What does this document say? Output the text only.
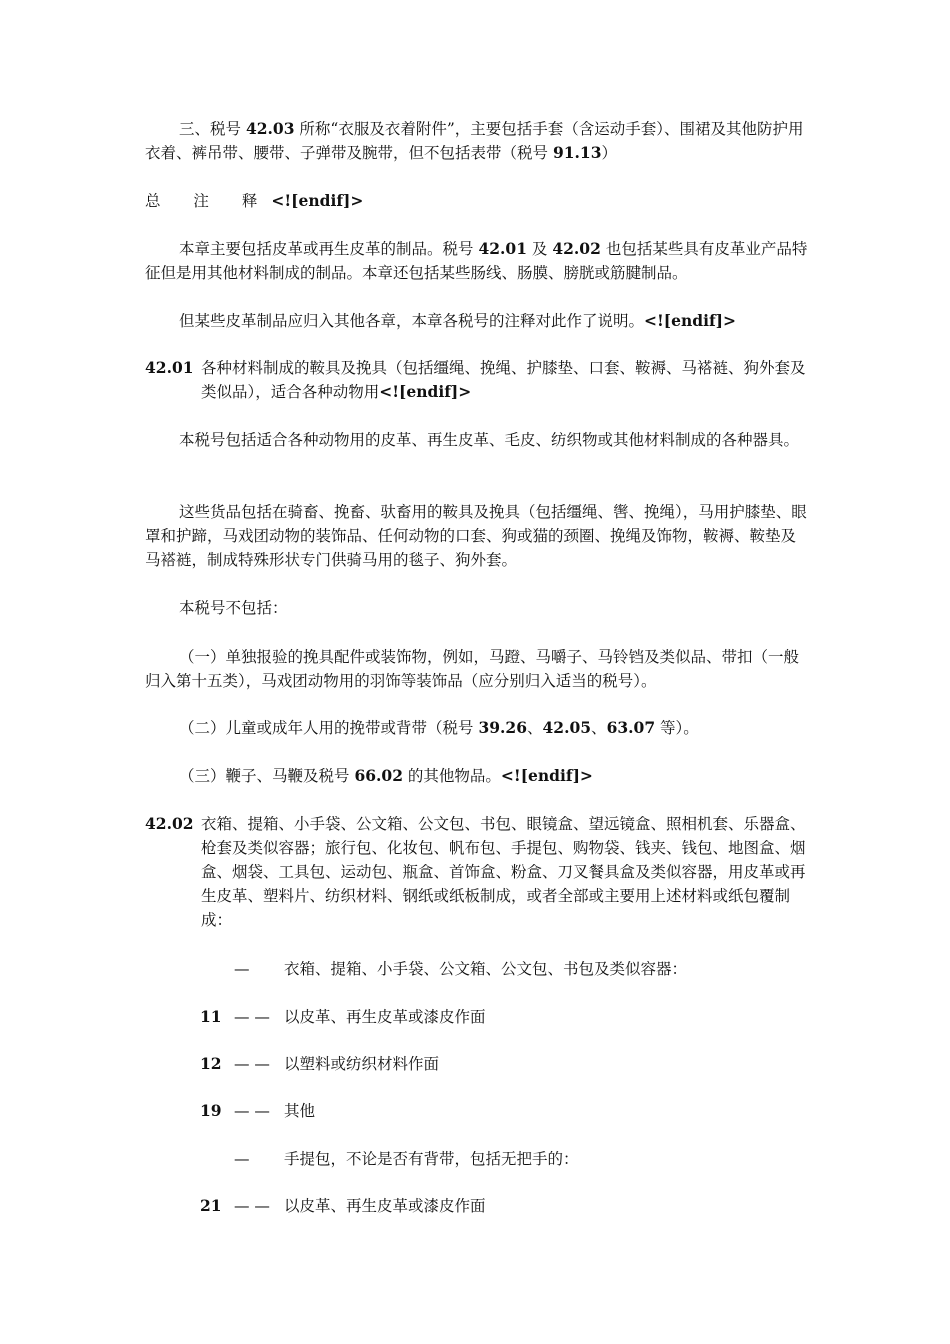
三、税号 42.03 所称“衣服及衣着附件”，主要包括手套（含运动手套）、围裙及其他防护用衣着、裤吊带、腰带、子弹带及腕带，但不包括表带（税号 91.13）
总 注 释<![endif]>
本章主要包括皮革或再生皮革的制品。税号 42.01 及 42.02 也包括某些具有皮革业产品特征但是用其他材料制成的制品。本章还包括某些肠线、肠膜、膀胱或筋腱制品。
但某些皮革制品应归入其他各章，本章各税号的注释对此作了说明。<![endif]>
42.01 各种材料制成的鞍具及挽具（包括缰绳、挽绳、护膝垫、口套、鞍褥、马褡裢、狗外套及类似品），适合各种动物用<![endif]>
本税号包括适合各种动物用的皮革、再生皮革、毛皮、纺织物或其他材料制成的各种器具。
这些货品包括在骑畜、挽畜、驮畜用的鞍具及挽具（包括缰绳、辔、挽绳），马用护膝垫、眼罩和护蹄，马戏团动物的装饰品、任何动物的口套、狗或猫的颈圈、挽绳及饰物，鞍褥、鞍垫及马褡裢，制成特殊形状专门供骑马用的毯子、狗外套。
本税号不包括：
（一）单独报验的挽具配件或装饰物，例如，马蹬、马嚼子、马铃铛及类似品、带扣（一般归入第十五类），马戏团动物用的羽饰等装饰品（应分别归入适当的税号）。
（二）儿童或成年人用的挽带或背带（税号 39.26、42.05、63.07 等）。
（三）鞭子、马鞭及税号 66.02 的其他物品。<![endif]>
42.02 衣箱、提箱、小手袋、公文箱、公文包、书包、眼镜盒、望远镜盒、照相机套、乐器盒、枪套及类似容器；旅行包、化妆包、帆布包、手提包、购物袋、钱夹、钱包、地图盒、烟盒、烟袋、工具包、运动包、瓶盒、首饰盒、粉盒、刀叉餐具盒及类似容器，用皮革或再生皮革、塑料片、纺织材料、钢纸或纸板制成，或者全部或主要用上述材料或纸包覆制成：
— 衣箱、提箱、小手袋、公文箱、公文包、书包及类似容器：
11 — — 以皮革、再生皮革或漆皮作面
12 — — 以塑料或纺织材料作面
19 — — 其他
— 手提包，不论是否有背带，包括无把手的：
21 — — 以皮革、再生皮革或漆皮作面
